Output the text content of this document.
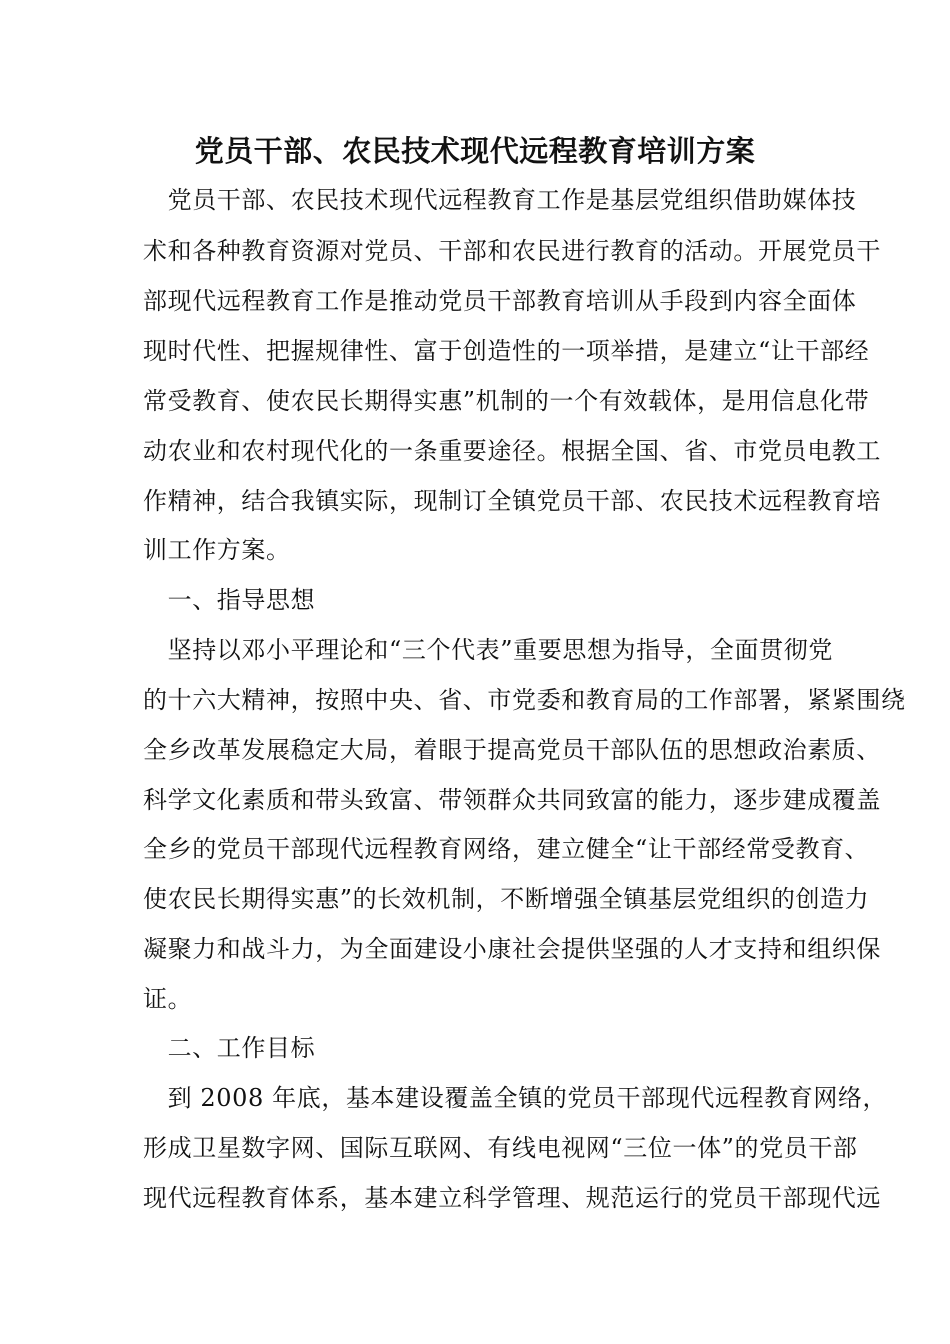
党员干部、农民技术现代远程教育培训方案
　党员干部、农民技术现代远程教育工作是基层党组织借助媒体技
术和各种教育资源对党员、干部和农民进行教育的活动。开展党员干
部现代远程教育工作是推动党员干部教育培训从手段到内容全面体
现时代性、把握规律性、富于创造性的一项举措，是建立“让干部经
常受教育、使农民长期得实惠”机制的一个有效载体，是用信息化带
动农业和农村现代化的一条重要途径。根据全国、省、市党员电教工
作精神，结合我镇实际，现制订全镇党员干部、农民技术远程教育培
训工作方案。
　一、指导思想
　坚持以邓小平理论和“三个代表”重要思想为指导，全面贯彻党
的十六大精神，按照中央、省、市党委和教育局的工作部署，紧紧围绕
全乡改革发展稳定大局，着眼于提高党员干部队伍的思想政治素质、
科学文化素质和带头致富、带领群众共同致富的能力，逐步建成覆盖
全乡的党员干部现代远程教育网络，建立健全“让干部经常受教育、
使农民长期得实惠”的长效机制，不断增强全镇基层党组织的创造力
凝聚力和战斗力，为全面建设小康社会提供坚强的人才支持和组织保
证。
　二、工作目标
　到 2008 年底，基本建设覆盖全镇的党员干部现代远程教育网络，
形成卫星数字网、国际互联网、有线电视网“三位一体”的党员干部
现代远程教育体系，基本建立科学管理、规范运行的党员干部现代远
